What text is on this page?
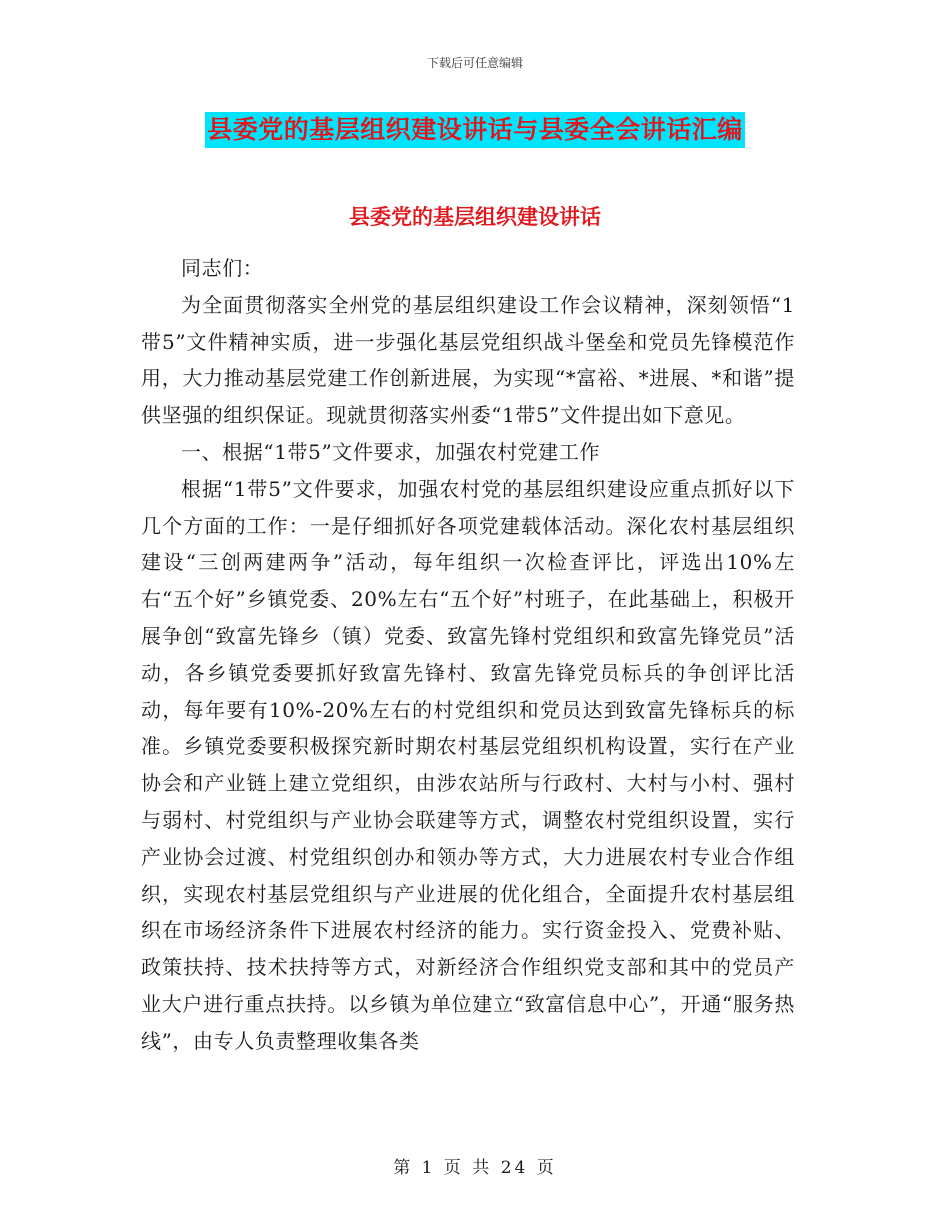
下载后可任意编辑
县委党的基层组织建设讲话与县委全会讲话汇编
县委党的基层组织建设讲话

同志们：

为全面贯彻落实全州党的基层组织建设工作会议精神，深刻领悟“1带5”文件精神实质，进一步强化基层党组织战斗堡垒和党员先锋模范作用，大力推动基层党建工作创新进展，为实现“*富裕、*进展、*和谐”提供坚强的组织保证。现就贯彻落实州委“1带5”文件提出如下意见。

一、根据“1带5”文件要求，加强农村党建工作

根据“1带5”文件要求，加强农村党的基层组织建设应重点抓好以下几个方面的工作：一是仔细抓好各项党建载体活动。深化农村基层组织建设“三创两建两争”活动，每年组织一次检查评比，评选出10%左右“五个好”乡镇党委、20%左右“五个好”村班子，在此基础上，积极开展争创“致富先锋乡（镇）党委、致富先锋村党组织和致富先锋党员”活动，各乡镇党委要抓好致富先锋村、致富先锋党员标兵的争创评比活动，每年要有10%-20%左右的村党组织和党员达到致富先锋标兵的标准。乡镇党委要积极探究新时期农村基层党组织机构设置，实行在产业协会和产业链上建立党组织，由涉农站所与行政村、大村与小村、强村与弱村、村党组织与产业协会联建等方式，调整农村党组织设置，实行产业协会过渡、村党组织创办和领办等方式，大力进展农村专业合作组织，实现农村基层党组织与产业进展的优化组合，全面提升农村基层组织在市场经济条件下进展农村经济的能力。实行资金投入、党费补贴、政策扶持、技术扶持等方式，对新经济合作组织党支部和其中的党员产业大户进行重点扶持。以乡镇为单位建立“致富信息中心”，开通“服务热线”，由专人负责整理收集各类

第 1 页 共 24 页
